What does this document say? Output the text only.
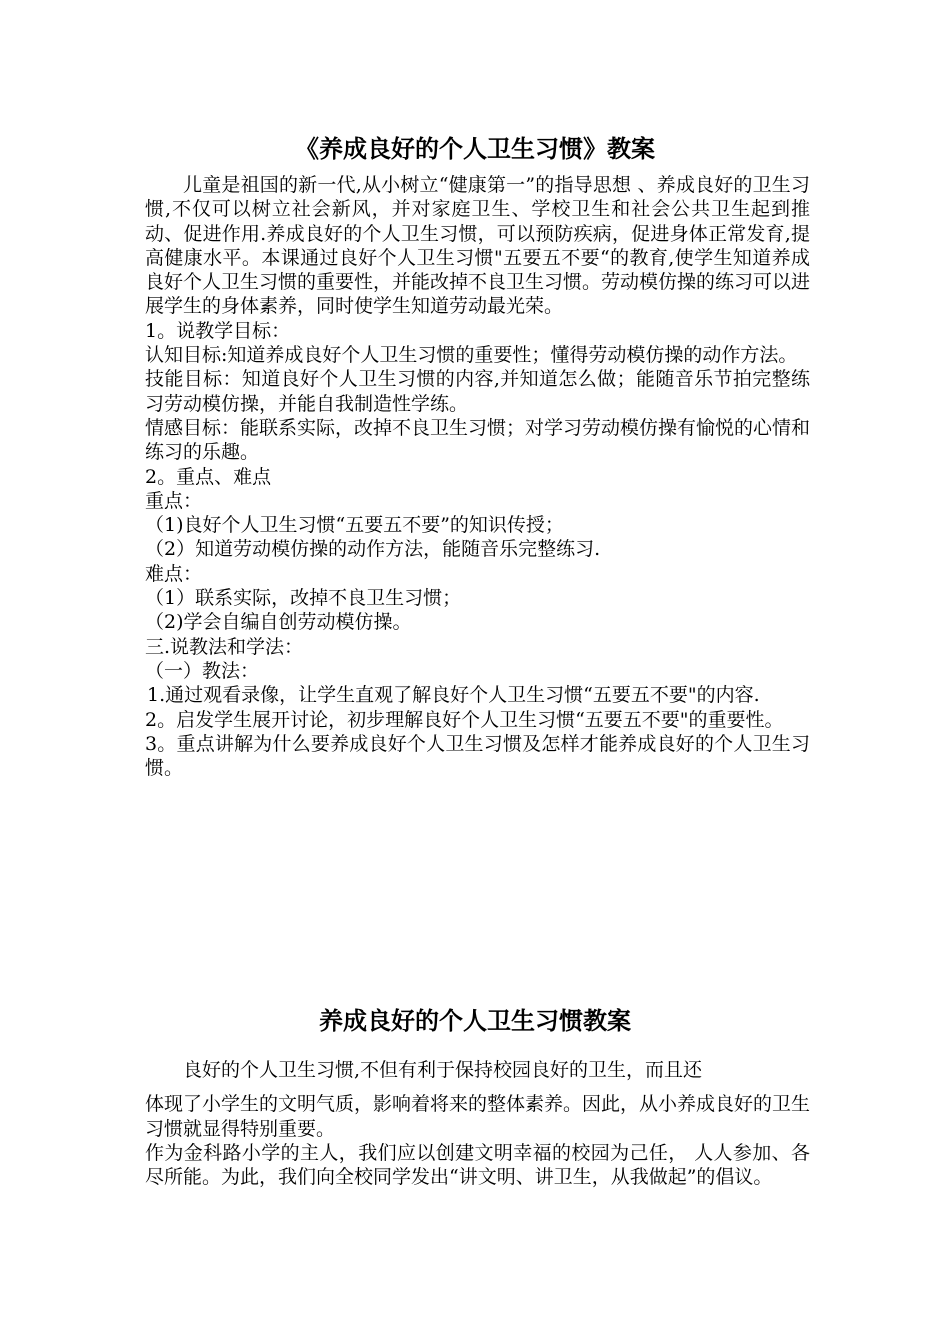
《养成良好的个人卫生习惯》教案

儿童是祖国的新一代,从小树立“健康第一”的指导思想 、养成良好的卫生习惯,不仅可以树立社会新风，并对家庭卫生、学校卫生和社会公共卫生起到推动、促进作用.养成良好的个人卫生习惯，可以预防疾病，促进身体正常发育,提高健康水平。本课通过良好个人卫生习惯"五要五不要“的教育,使学生知道养成良好个人卫生习惯的重要性，并能改掉不良卫生习惯。劳动模仿操的练习可以进展学生的身体素养，同时使学生知道劳动最光荣。

1。说教学目标：

认知目标:知道养成良好个人卫生习惯的重要性；懂得劳动模仿操的动作方法。

技能目标：知道良好个人卫生习惯的内容,并知道怎么做；能随音乐节拍完整练习劳动模仿操，并能自我制造性学练。

情感目标：能联系实际，改掉不良卫生习惯；对学习劳动模仿操有愉悦的心情和练习的乐趣。

2。重点、难点

重点：

（1)良好个人卫生习惯“五要五不要”的知识传授；

（2）知道劳动模仿操的动作方法，能随音乐完整练习.

难点：

（1）联系实际，改掉不良卫生习惯；

（2)学会自编自创劳动模仿操。

三.说教法和学法：

（一）教法：

1.通过观看录像，让学生直观了解良好个人卫生习惯“五要五不要"的内容.

2。启发学生展开讨论，初步理解良好个人卫生习惯“五要五不要"的重要性。

3。重点讲解为什么要养成良好个人卫生习惯及怎样才能养成良好的个人卫生习惯。

养成良好的个人卫生习惯教案

良好的个人卫生习惯,不但有利于保持校园良好的卫生，而且还

体现了小学生的文明气质，影响着将来的整体素养。因此，从小养成良好的卫生习惯就显得特别重要。

作为金科路小学的主人，我们应以创建文明幸福的校园为己任， 人人参加、各尽所能。为此，我们向全校同学发出“讲文明、讲卫生，从我做起”的倡议。
